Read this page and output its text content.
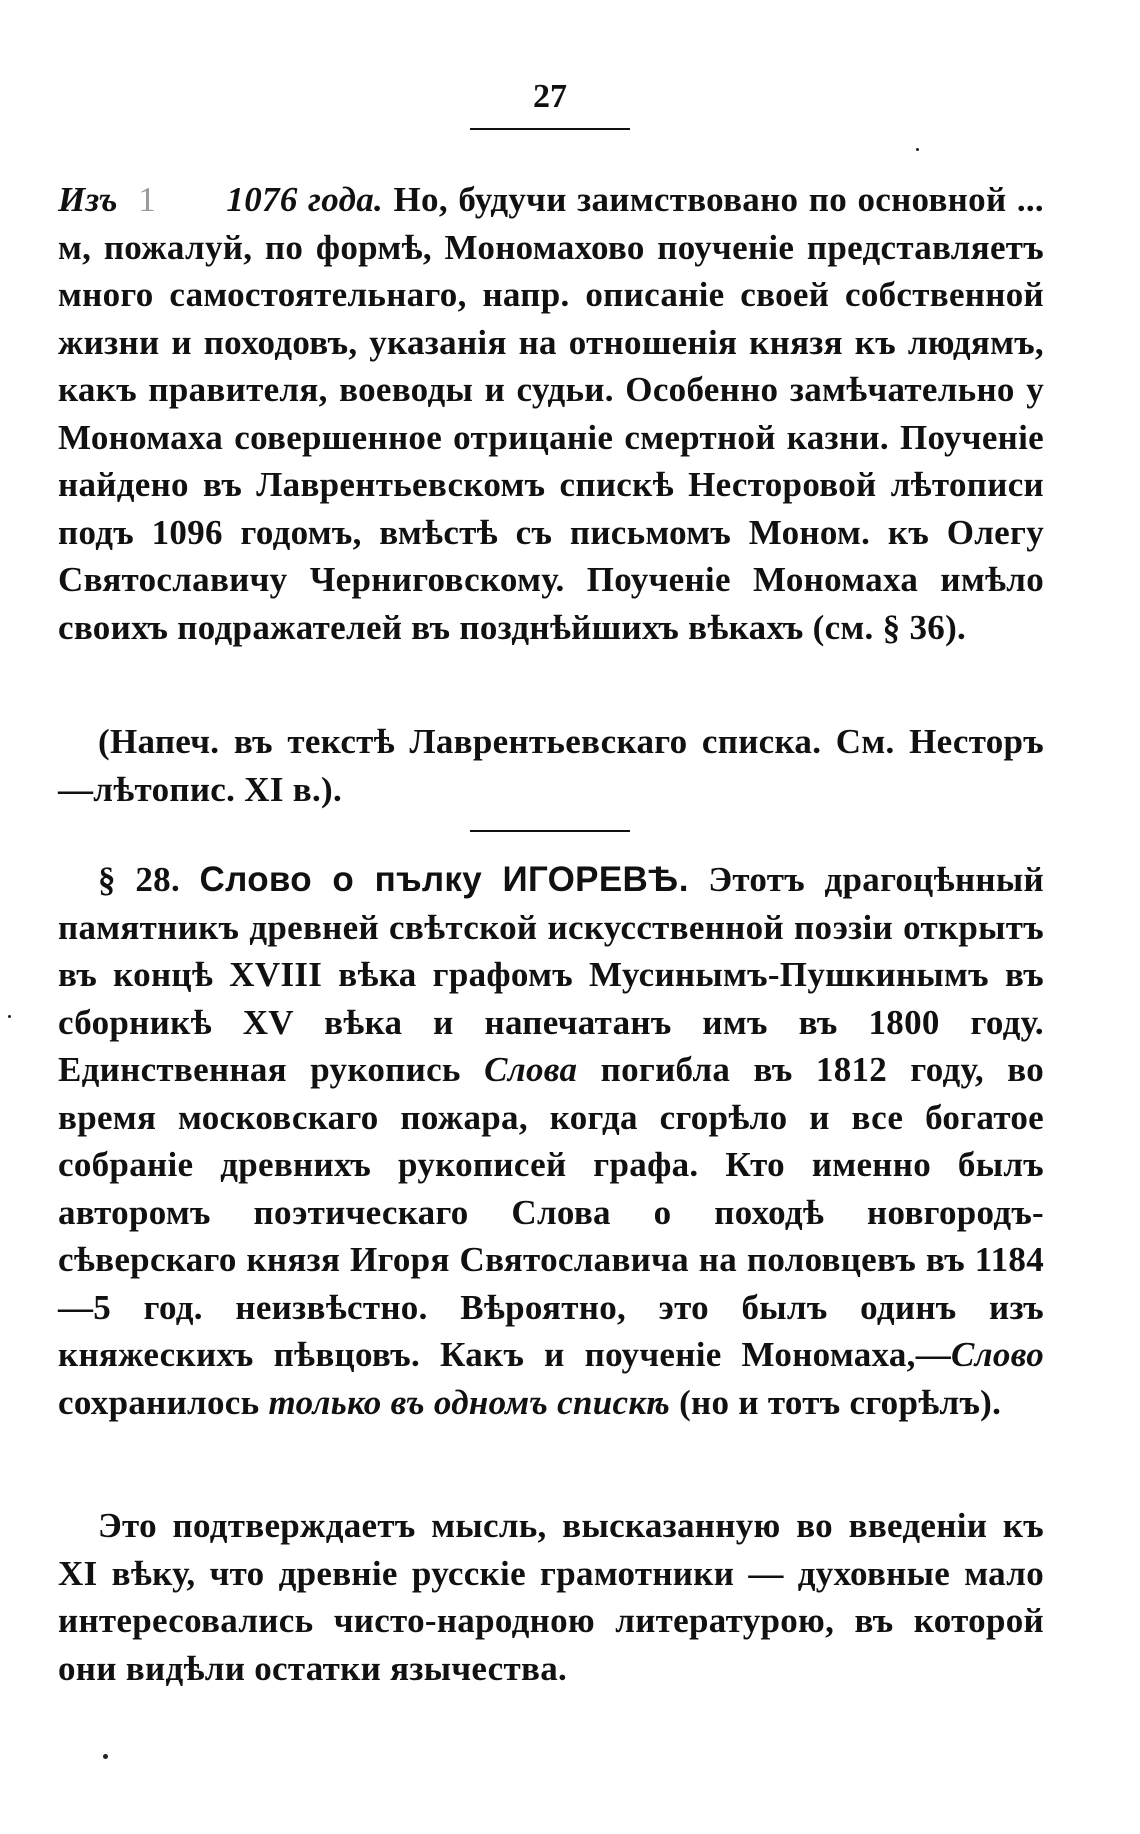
27

Изъ 1 1076 года. Но, будучи заимствовано по основной ... м, пожалуй, по формѣ, Мономахово поученіе представляетъ много самостоятельнаго, напр. описаніе своей собственной жизни и походовъ, указанія на отношенія князя къ людямъ, какъ правителя, воеводы и судьи. Особенно замѣчательно у Мономаха совершенное отрицаніе смертной казни. Поученіе найдено въ Лаврентьевскомъ спискѣ Несторовой лѣтописи подъ 1096 годомъ, вмѣстѣ съ письмомъ Моном. къ Олегу Святославичу Черниговскому. Поученіе Мономаха имѣло своихъ подражателей въ позднѣйшихъ вѣкахъ (см. § 36).

(Напеч. въ текстѣ Лаврентьевскаго списка. См. Несторъ—лѣтопис. XI в.).

§ 28. Слово о пълку ИГОРЕВѢ. Этотъ драгоцѣнный памятникъ древней свѣтской искусственной поэзіи открытъ въ концѣ XVIII вѣка графомъ Мусинымъ-Пушкинымъ въ сборникѣ XV вѣка и напечатанъ имъ въ 1800 году. Единственная рукопись Слова погибла въ 1812 году, во время московскаго пожара, когда сгорѣло и все богатое собраніе древнихъ рукописей графа. Кто именно былъ авторомъ поэтическаго Слова о походѣ новгородъ-сѣверскаго князя Игоря Святославича на половцевъ въ 1184—5 год. неизвѣстно. Вѣроятно, это былъ одинъ изъ княжескихъ пѣвцовъ. Какъ и поученіе Мономаха,—Слово сохранилось только въ одномъ спискѣ (но и тотъ сгорѣлъ).

Это подтверждаетъ мысль, высказанную во введеніи къ XI вѣку, что древніе русскіе грамотники — духовные мало интересовались чисто-народною литературою, въ которой они видѣли остатки язычества.
